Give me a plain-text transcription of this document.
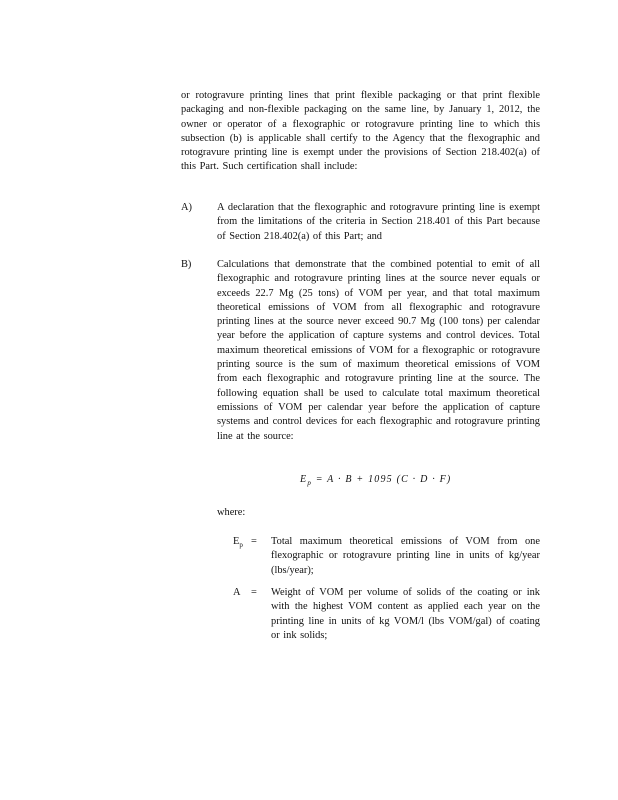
or rotogravure printing lines that print flexible packaging or that print flexible packaging and non-flexible packaging on the same line, by January 1, 2012, the owner or operator of a flexographic or rotogravure printing line to which this subsection (b) is applicable shall certify to the Agency that the flexographic and rotogravure printing line is exempt under the provisions of Section 218.402(a) of this Part. Such certification shall include:
A) A declaration that the flexographic and rotogravure printing line is exempt from the limitations of the criteria in Section 218.401 of this Part because of Section 218.402(a) of this Part; and
B) Calculations that demonstrate that the combined potential to emit of all flexographic and rotogravure printing lines at the source never equals or exceeds 22.7 Mg (25 tons) of VOM per year, and that total maximum theoretical emissions of VOM from all flexographic and rotogravure printing lines at the source never exceed 90.7 Mg (100 tons) per calendar year before the application of capture systems and control devices. Total maximum theoretical emissions of VOM for a flexographic or rotogravure printing source is the sum of maximum theoretical emissions of VOM from each flexographic and rotogravure printing line at the source. The following equation shall be used to calculate total maximum theoretical emissions of VOM per calendar year before the application of capture systems and control devices for each flexographic and rotogravure printing line at the source:
$E_p = A \cdot B + 1095$ (C · D · F)
where:
$E_p$ = Total maximum theoretical emissions of VOM from one flexographic or rotogravure printing line in units of kg/year (lbs/year);
A = Weight of VOM per volume of solids of the coating or ink with the highest VOM content as applied each year on the printing line in units of kg VOM/l (lbs VOM/gal) of coating or ink solids;
